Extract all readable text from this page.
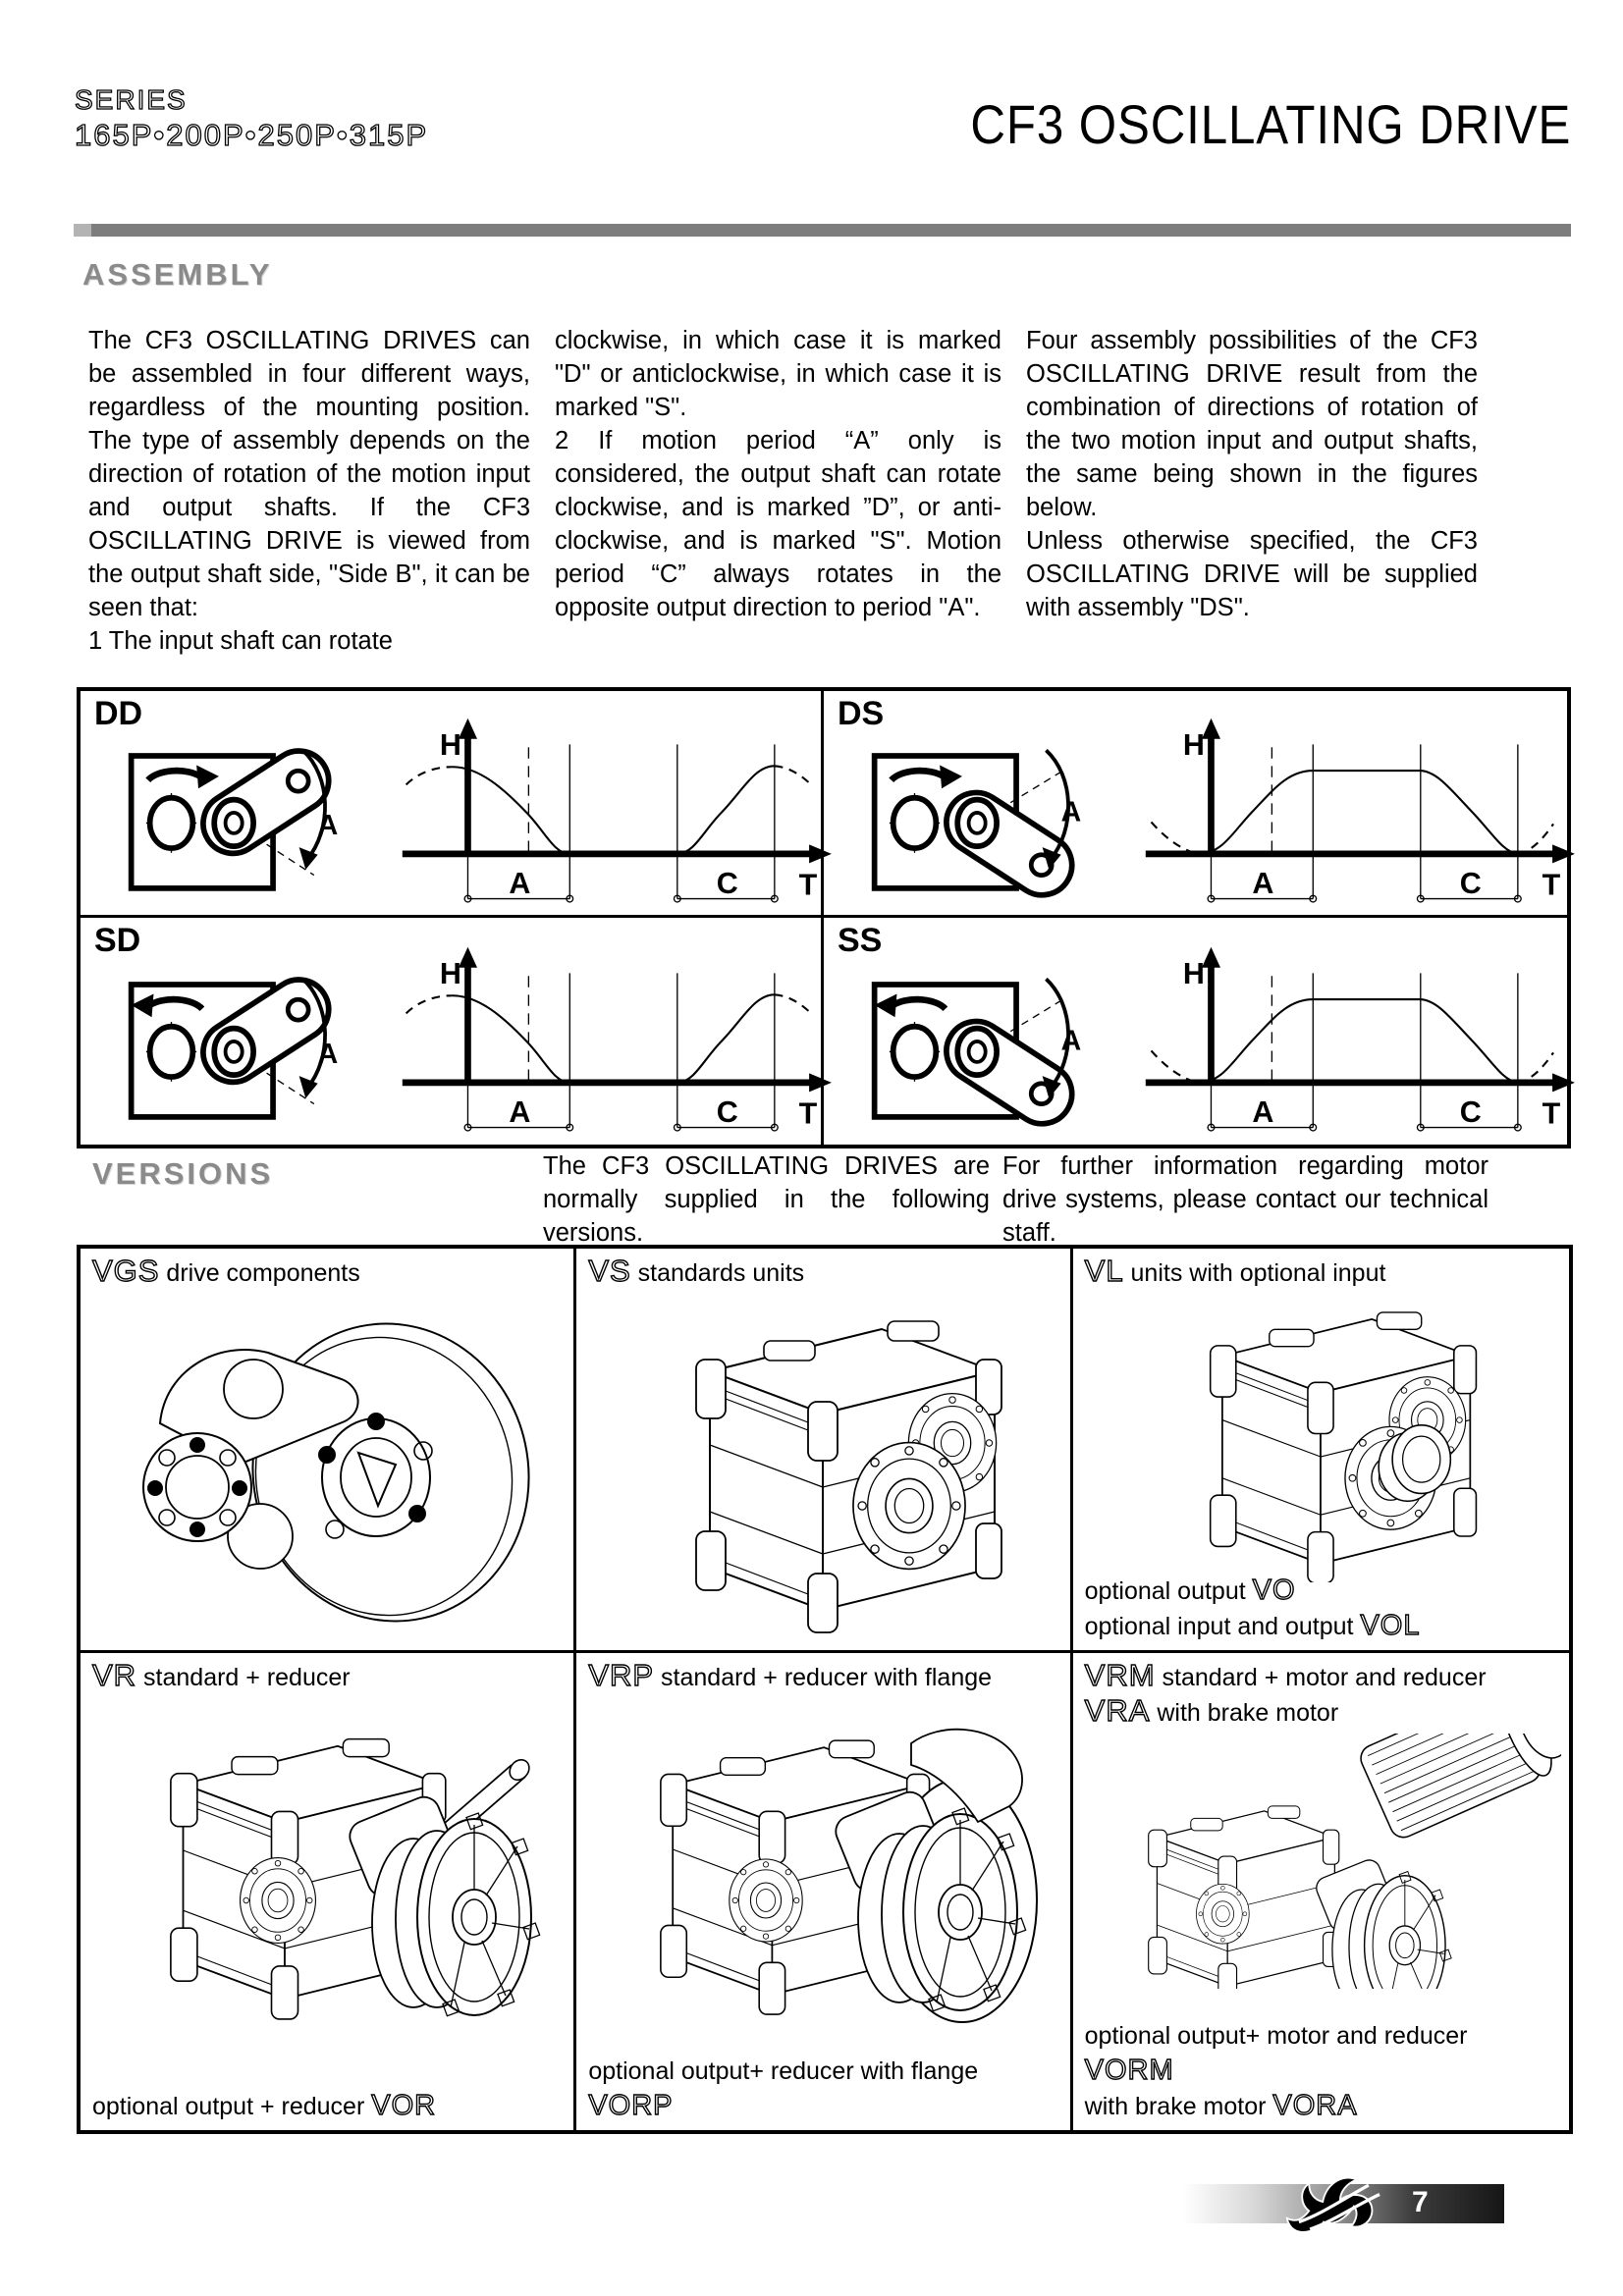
SERIES
165P•200P•250P•315P	CF3 OSCILLATING DRIVE
ASSEMBLY

The CF3 OSCILLATING DRIVES can be assembled in four different ways, regardless of the mounting position. The type of assembly depends on the direction of rotation of the motion input and output shafts. If the CF3 OSCILLATING DRIVE is viewed from the output shaft side, "Side B", it can be seen that:

1 The input shaft can rotate

clockwise, in which case it is marked "D" or anticlockwise, in which case it is marked "S".

2 If motion period “A” only is considered, the output shaft can rotate clockwise, and is marked ”D”, or anti-clockwise, and is marked "S". Motion period “C” always rotates in the opposite output direction to period "A".

Four assembly possibilities of the CF3 OSCILLATING DRIVE result from the combination of directions of rotation of the two motion input and output shafts, the same being shown in the figures below.

Unless otherwise specified, the CF3 OSCILLATING DRIVE will be supplied with assembly "DS".

DD
A
H
A	C T
DS
A
H
A	C T
SD
A
H
A	C T
SS
A
H
A	C T
VERSIONS	The CF3 OSCILLATING DRIVES are normally supplied in the following versions.

For further information regarding motor drive systems, please contact our technical staff.

VGS drive components	VS standards units	VL units with optional input
optional output VO
optional input and output VOL
VR standard + reducer
optional output + reducer VOR
VRP standard + reducer with flange
optional output+ reducer with flange
VORP
VRM standard + motor and reducer
VRA with brake motor
optional output+ motor and reducer
VORM
with brake motor VORA
7
